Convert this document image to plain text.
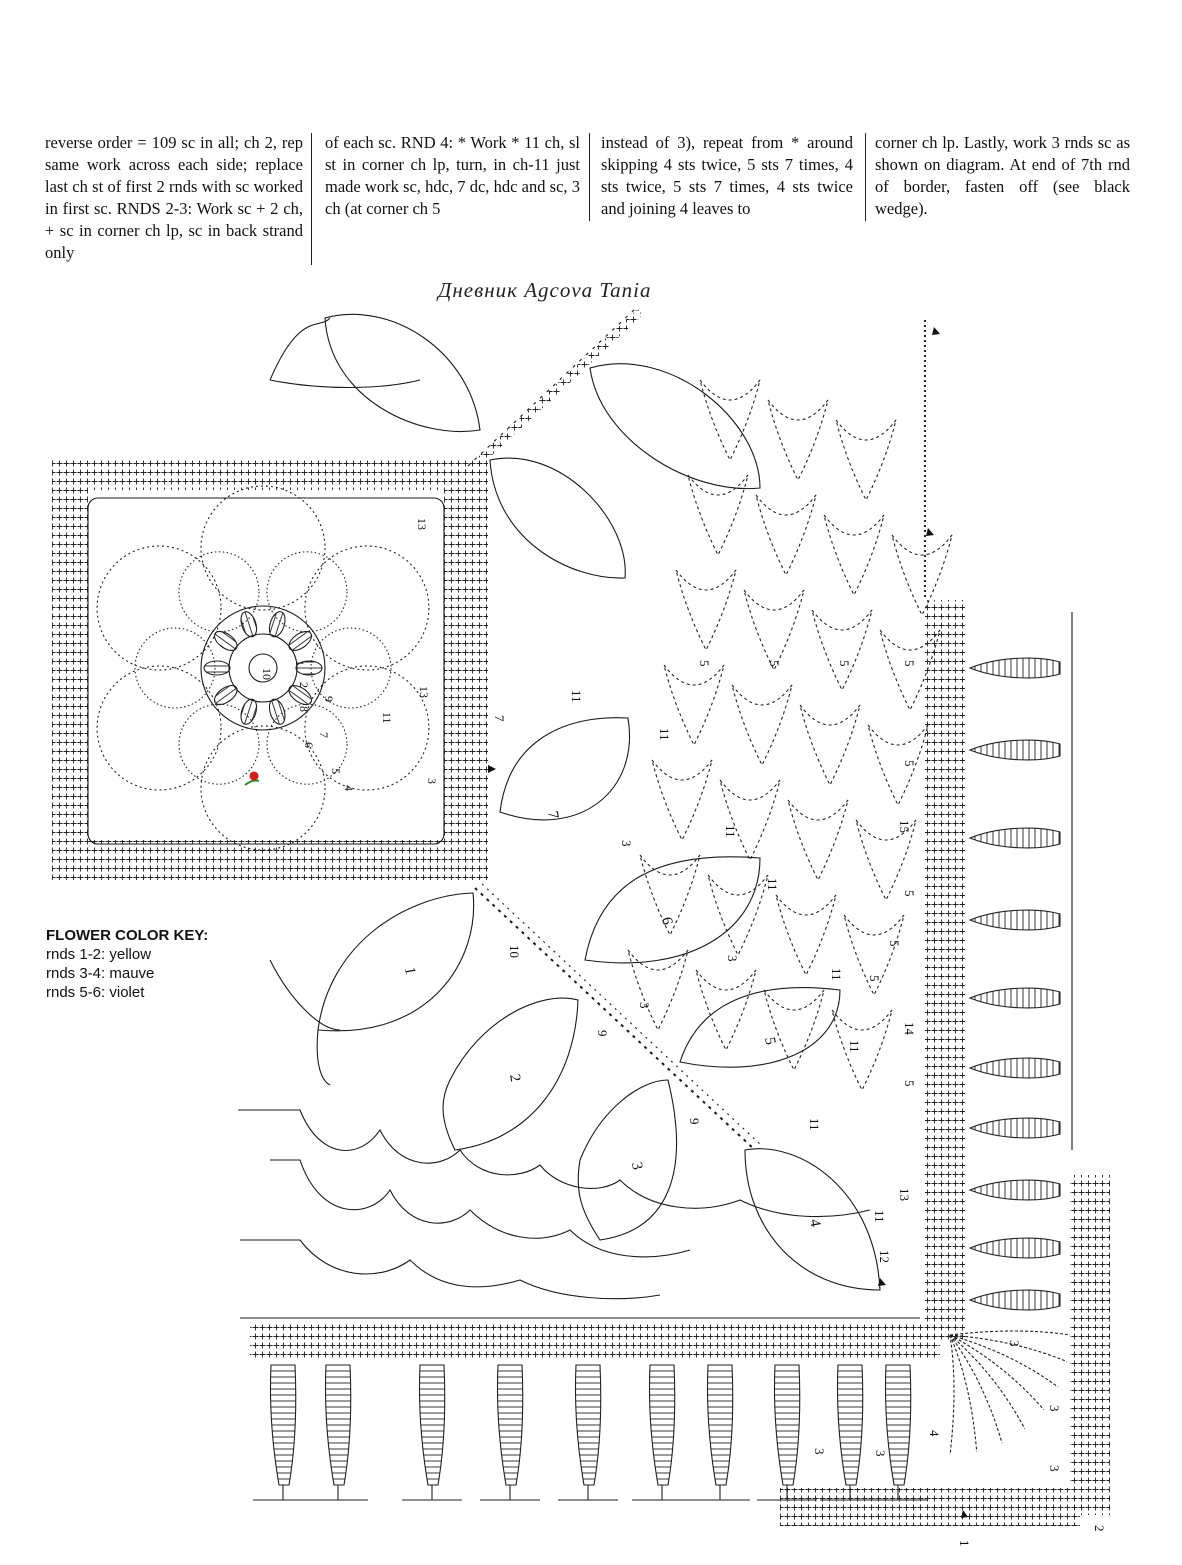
reverse order = 109 sc in all; ch 2, rep same work across each side; replace last ch st of first 2 rnds with sc worked in first sc. RNDS 2-3: Work sc + 2 ch, + sc in corner ch lp, sc in back strand only
of each sc. RND 4: * Work * 11 ch, sl st in corner ch lp, turn, in ch-11 just made work sc, hdc, 7 dc, hdc and sc, 3 ch (at corner ch 5
instead of 3), repeat from * around skipping 4 sts twice, 5 sts 7 times, 4 sts twice, 5 sts 7 times, 4 sts twice and joining 4 leaves to
corner ch lp. Lastly, work 3 rnds sc as shown on diagram. At end of 7th rnd of border, fasten off (see black wedge).
Дневник Agcova Tania
1
2
3
4
5
6
7
10
13
13
11
9
8
7
6
5
4
2
1
3
11
11
11
11
11
11
11
10
9
9
7
5	5	5	5
5
5
5
5
5
3
3
3
3
3
3
15
14
13
12
11
1
2
4
3
3
FLOWER COLOR KEY:
rnds 1-2: yellow
rnds 3-4: mauve
rnds 5-6: violet
